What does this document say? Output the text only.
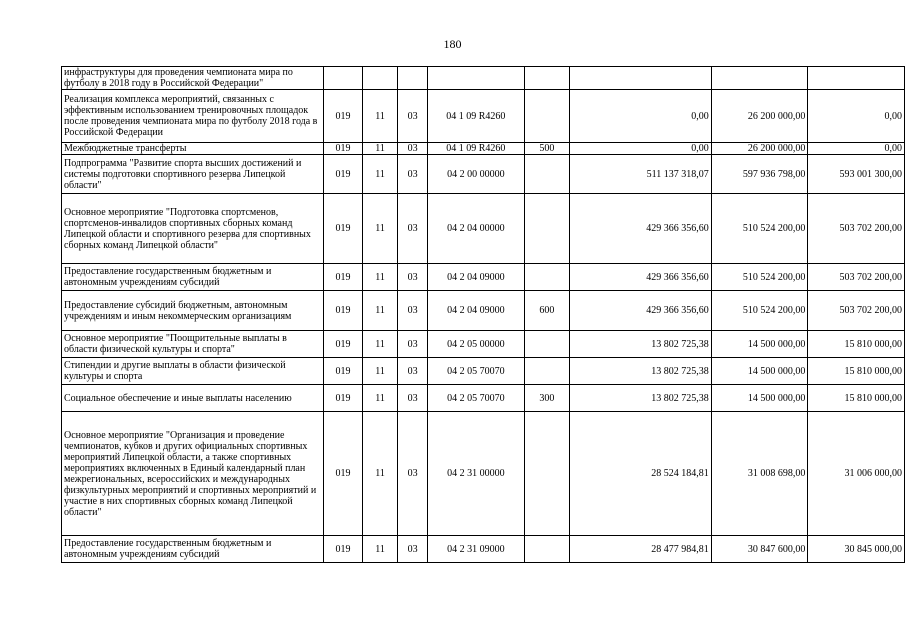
180
инфраструктуры для проведения чемпионата мира по футболу в 2018 году в Российской Федерации"								
Реализация комплекса мероприятий, связанных с эффективным использованием тренировочных площадок после проведения чемпионата мира по футболу 2018 года в Российской Федерации	019	11	03	04 1 09 R4260		0,00	26 200 000,00	0,00
Межбюджетные трансферты	019	11	03	04 1 09 R4260	500	0,00	26 200 000,00	0,00
Подпрограмма "Развитие спорта высших достижений и системы подготовки спортивного резерва Липецкой области"	019	11	03	04 2 00 00000		511 137 318,07	597 936 798,00	593 001 300,00
Основное мероприятие "Подготовка спортсменов, спортсменов-инвалидов спортивных сборных команд Липецкой области и спортивного резерва для спортивных сборных команд Липецкой области"	019	11	03	04 2 04 00000		429 366 356,60	510 524 200,00	503 702 200,00
Предоставление государственным бюджетным и автономным учреждениям субсидий	019	11	03	04 2 04 09000		429 366 356,60	510 524 200,00	503 702 200,00
Предоставление субсидий бюджетным, автономным учреждениям и иным некоммерческим организациям	019	11	03	04 2 04 09000	600	429 366 356,60	510 524 200,00	503 702 200,00
Основное мероприятие "Поощрительные выплаты в области физической культуры и спорта"	019	11	03	04 2 05 00000		13 802 725,38	14 500 000,00	15 810 000,00
Стипендии и другие выплаты в области физической культуры и спорта	019	11	03	04 2 05 70070		13 802 725,38	14 500 000,00	15 810 000,00
Социальное обеспечение и иные выплаты населению	019	11	03	04 2 05 70070	300	13 802 725,38	14 500 000,00	15 810 000,00
Основное мероприятие "Организация и проведение чемпионатов, кубков и других официальных спортивных мероприятий Липецкой области, а также спортивных мероприятиях включенных в Единый календарный план межрегиональных, всероссийских и международных физкультурных мероприятий и спортивных мероприятий и участие в них спортивных сборных команд Липецкой области"	019	11	03	04 2 31 00000		28 524 184,81	31 008 698,00	31 006 000,00
Предоставление государственным бюджетным и автономным учреждениям субсидий	019	11	03	04 2 31 09000		28 477 984,81	30 847 600,00	30 845 000,00
